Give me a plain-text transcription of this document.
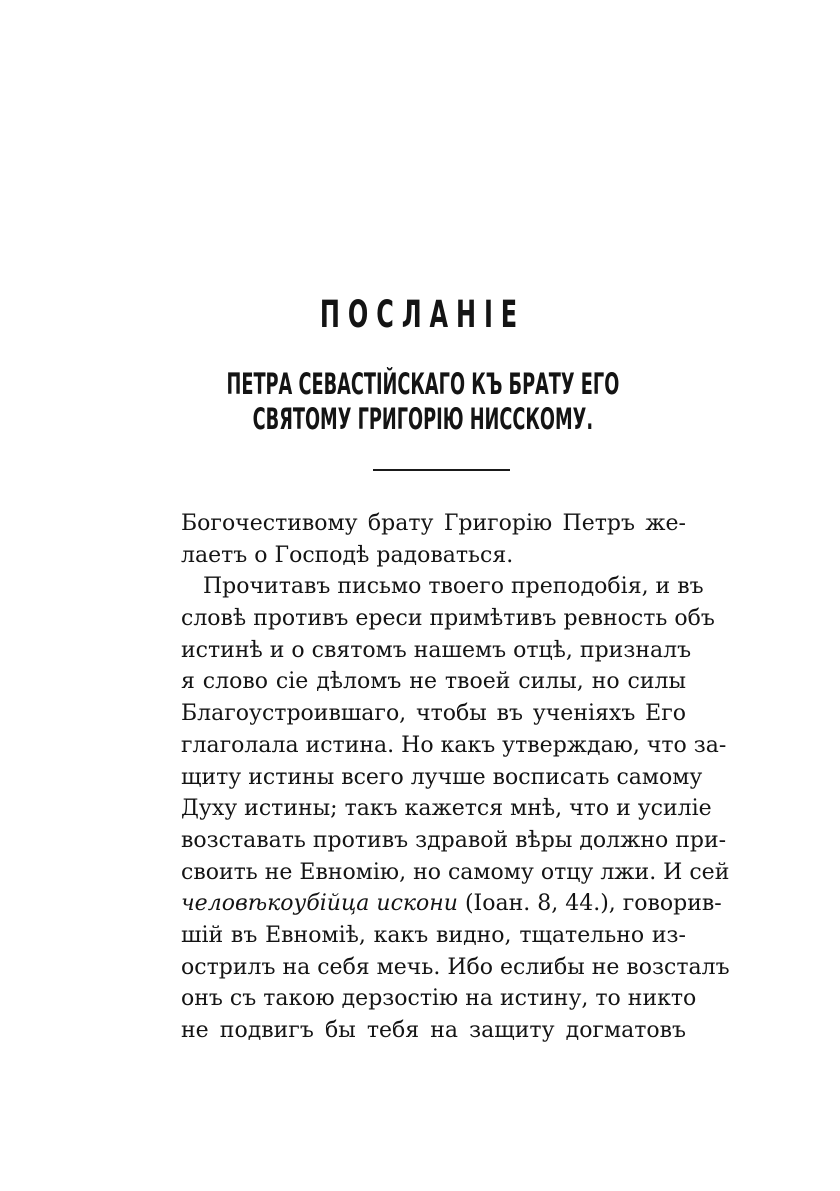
ПОСЛАНІЕ
ПЕТРА СЕВАСТІЙСКАГО КЪ БРАТУ ЕГО
СВЯТОМУ ГРИГОРІЮ НИССКОМУ.
Богочестивому брату Григорію Петръ же-
лаетъ о Господѣ радоваться.
Прочитавъ письмо твоего преподобія, и въ
словѣ противъ ереси примѣтивъ ревность объ
истинѣ и о святомъ нашемъ отцѣ, призналъ
я слово сіе дѣломъ не твоей силы, но силы
Благоустроившаго, чтобы въ ученіяхъ Его
глаголала истина. Но какъ утверждаю, что за-
щиту истины всего лучше восписать самому
Духу истины; такъ кажется мнѣ, что и усиліе
возставать противъ здравой вѣры должно при-
своить не Евномію, но самому отцу лжи. И сей
человѣкоубійца искони (Іоан. 8, 44.), говорив-
шій въ Евноміѣ, какъ видно, тщательно из-
острилъ на себя мечь. Ибо еслибы не возсталъ
онъ съ такою дерзостію на истину, то никто
не подвигъ бы тебя на защиту догматовъ
